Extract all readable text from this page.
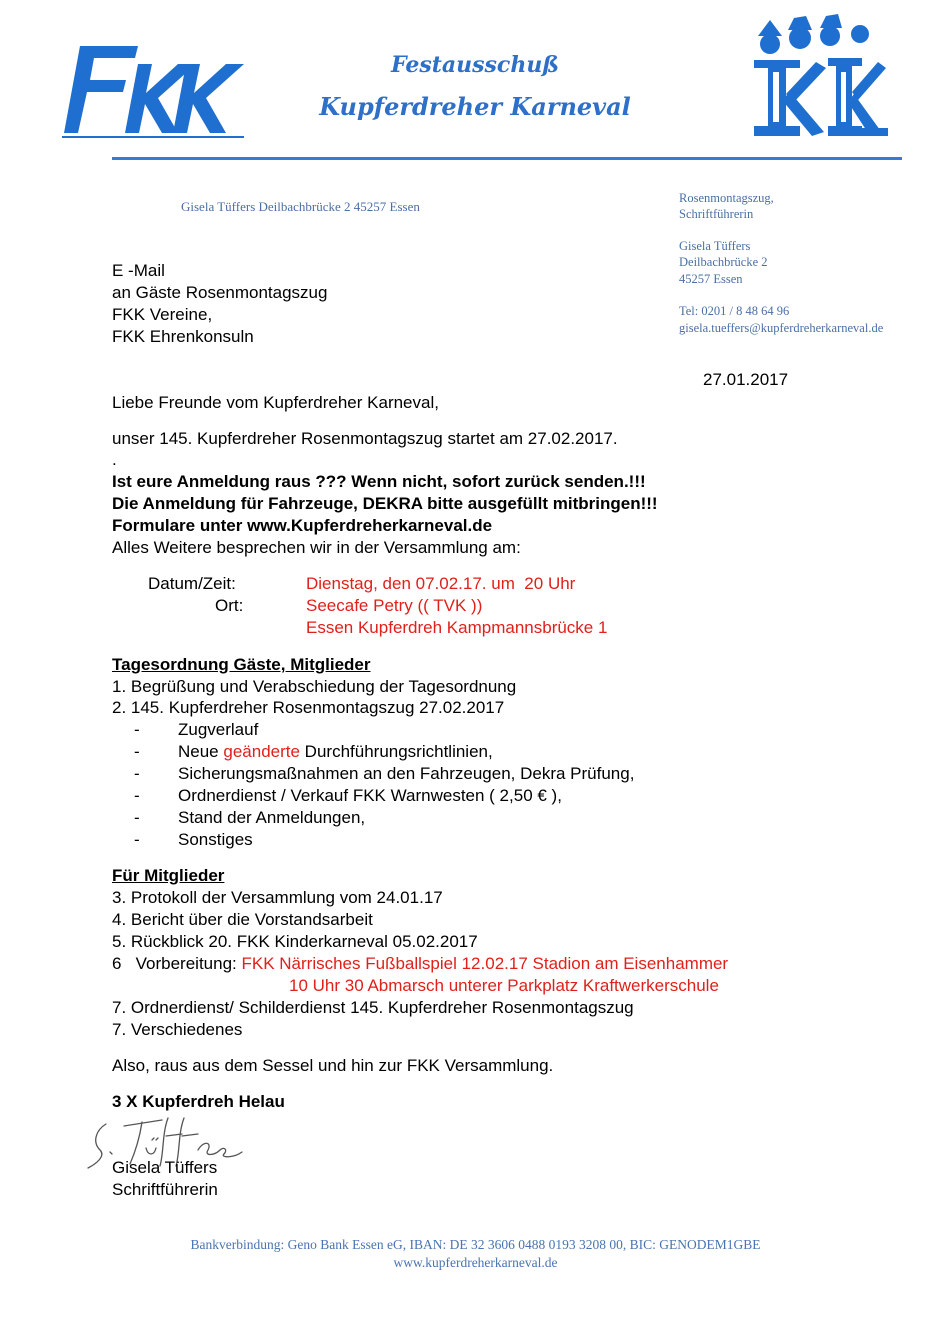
FKK
Festausschuß
Kupferdreher Karneval
KK
Gisela Tüffers Deilbachbrücke 2 45257 Essen
Rosenmontagszug,
Schriftführerin
Gisela Tüffers
Deilbachbrücke 2
45257 Essen
Tel: 0201 / 8 48 64 96
gisela.tueffers@kupferdreherkarneval.de
E -Mail
an Gäste Rosenmontagszug
FKK Vereine,
FKK Ehrenkonsuln
27.01.2017
Liebe Freunde vom Kupferdreher Karneval,
unser 145. Kupferdreher Rosenmontagszug startet am 27.02.2017.
.
Ist eure Anmeldung raus ??? Wenn nicht, sofort zurück senden.!!!
Die Anmeldung für Fahrzeuge, DEKRA bitte ausgefüllt mitbringen!!!
Formulare unter www.Kupferdreherkarneval.de
Alles Weitere besprechen wir in der Versammlung am:
Datum/Zeit:	Dienstag, den 07.02.17. um  20 Uhr
Ort:	Seecafe Petry (( TVK ))
Essen Kupferdreh Kampmannsbrücke 1
Tagesordnung Gäste, Mitglieder
1. Begrüßung und Verabschiedung der Tagesordnung
2. 145. Kupferdreher Rosenmontagszug 27.02.2017
- Zugverlauf
- Neue geänderte Durchführungsrichtlinien,
- Sicherungsmaßnahmen an den Fahrzeugen, Dekra Prüfung,
- Ordnerdienst / Verkauf FKK Warnwesten ( 2,50 € ),
- Stand der Anmeldungen,
- Sonstiges
Für Mitglieder
3. Protokoll der Versammlung vom 24.01.17
4. Bericht über die Vorstandsarbeit
5. Rückblick 20. FKK Kinderkarneval 05.02.2017
6   Vorbereitung: FKK Närrisches Fußballspiel 12.02.17 Stadion am Eisenhammer
10 Uhr 30 Abmarsch unterer Parkplatz Kraftwerkerschule
7. Ordnerdienst/ Schilderdienst 145. Kupferdreher Rosenmontagszug
7. Verschiedenes
Also, raus aus dem Sessel und hin zur FKK Versammlung.
3 X Kupferdreh Helau
Gisela Tüffers
Schriftführerin
Bankverbindung: Geno Bank Essen eG, IBAN: DE 32 3606 0488 0193 3208 00, BIC: GENODEM1GBE
www.kupferdreherkarneval.de
